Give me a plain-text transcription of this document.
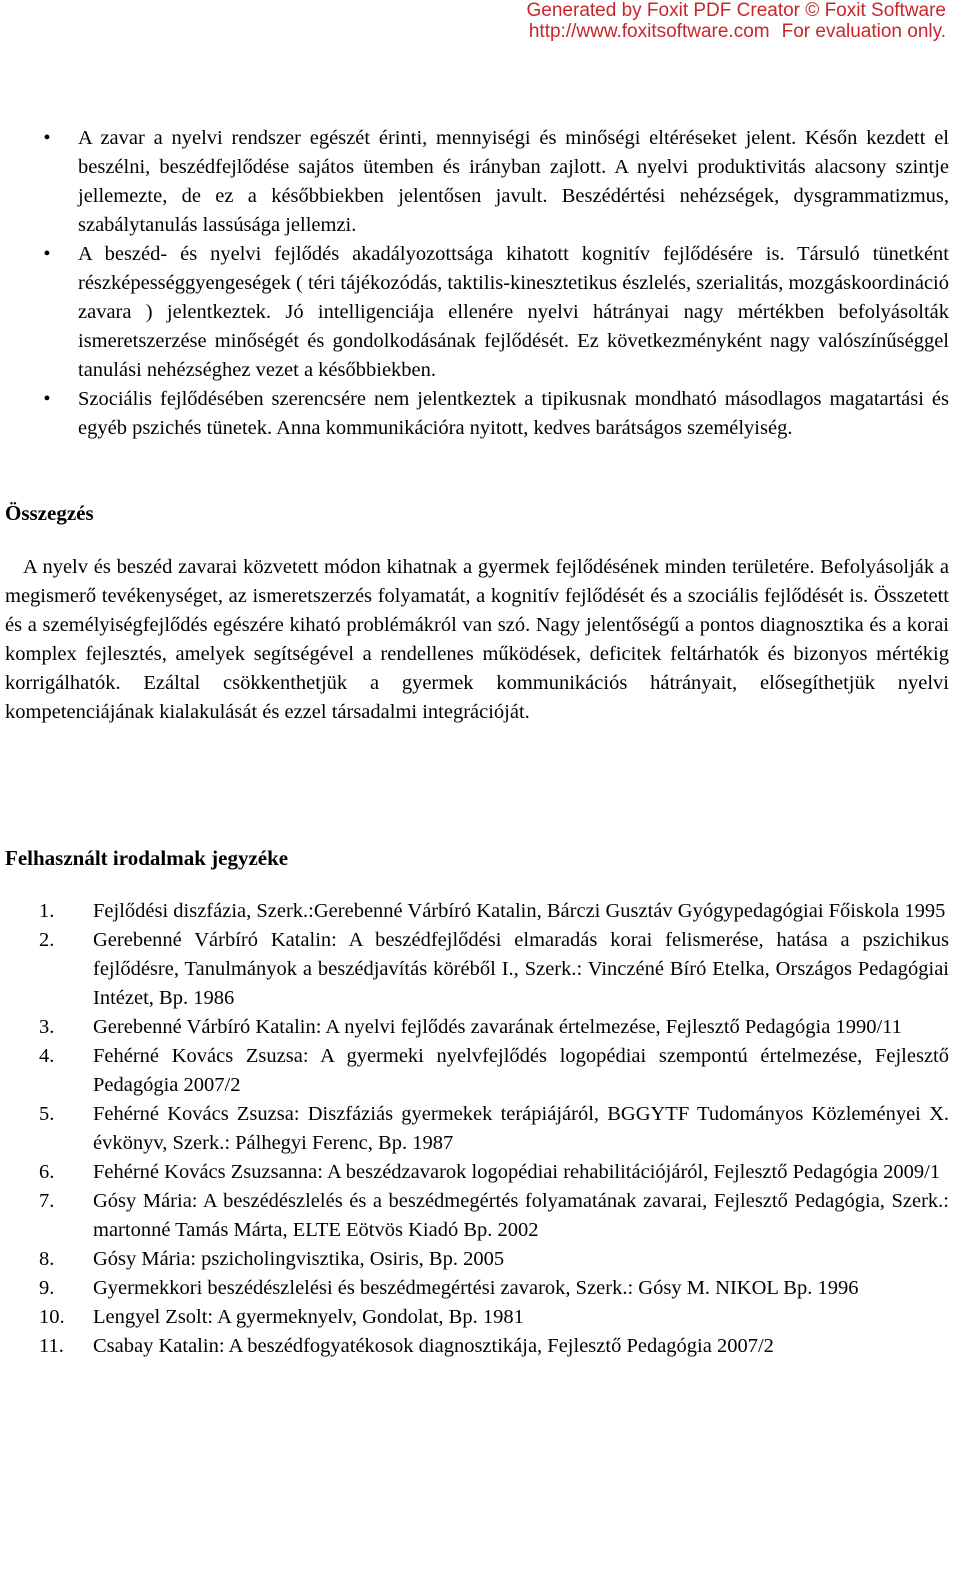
Generated by Foxit PDF Creator © Foxit Software
http://www.foxitsoftware.com For evaluation only.
• A zavar a nyelvi rendszer egészét érinti, mennyiségi és minőségi eltéréseket jelent. Későn kezdett el beszélni, beszédfejlődése sajátos ütemben és irányban zajlott. A nyelvi produktivitás alacsony szintje jellemezte, de ez a későbbiekben jelentősen javult. Beszédértési nehézségek, dysgrammatizmus, szabálytanulás lassúsága jellemzi.
• A beszéd- és nyelvi fejlődés akadályozottsága kihatott kognitív fejlődésére is. Társuló tünetként részképességgyengeségek ( téri tájékozódás, taktilis-kinesztetikus észlelés, szerialitás, mozgáskoordináció zavara ) jelentkeztek. Jó intelligenciája ellenére nyelvi hátrányai nagy mértékben befolyásolták ismeretszerzése minőségét és gondolkodásának fejlődését. Ez következményként nagy valószínűséggel tanulási nehézséghez vezet a későbbiekben.
• Szociális fejlődésében szerencsére nem jelentkeztek a tipikusnak mondható másodlagos magatartási és egyéb pszichés tünetek. Anna kommunikációra nyitott, kedves barátságos személyiség.
Összegzés

A nyelv és beszéd zavarai közvetett módon kihatnak a gyermek fejlődésének minden területére. Befolyásolják a megismerő tevékenységet, az ismeretszerzés folyamatát, a kognitív fejlődését és a szociális fejlődését is. Összetett és a személyiségfejlődés egészére kiható problémákról van szó. Nagy jelentőségű a pontos diagnosztika és a korai komplex fejlesztés, amelyek segítségével a rendellenes működések, deficitek feltárhatók és bizonyos mértékig korrigálhatók. Ezáltal csökkenthetjük a gyermek kommunikációs hátrányait, elősegíthetjük nyelvi kompetenciájának kialakulását és ezzel társadalmi integrációját.

Felhasznált irodalmak jegyzéke
1. Fejlődési diszfázia, Szerk.:Gerebenné Várbíró Katalin, Bárczi Gusztáv Gyógypedagógiai Főiskola 1995
2. Gerebenné Várbíró Katalin: A beszédfejlődési elmaradás korai felismerése, hatása a pszichikus fejlődésre, Tanulmányok a beszédjavítás köréből I., Szerk.: Vinczéné Bíró Etelka, Országos Pedagógiai Intézet, Bp. 1986
3. Gerebenné Várbíró Katalin: A nyelvi fejlődés zavarának értelmezése, Fejlesztő Pedagógia 1990/11
4. Fehérné Kovács Zsuzsa: A gyermeki nyelvfejlődés logopédiai szempontú értelmezése, Fejlesztő Pedagógia 2007/2
5. Fehérné Kovács Zsuzsa: Diszfáziás gyermekek terápiájáról, BGGYTF Tudományos Közleményei X. évkönyv, Szerk.: Pálhegyi Ferenc, Bp. 1987
6. Fehérné Kovács Zsuzsanna: A beszédzavarok logopédiai rehabilitációjáról, Fejlesztő Pedagógia 2009/1
7. Gósy Mária: A beszédészlelés és a beszédmegértés folyamatának zavarai, Fejlesztő Pedagógia, Szerk.: martonné Tamás Márta, ELTE Eötvös Kiadó Bp. 2002
8. Gósy Mária: pszicholingvisztika, Osiris, Bp. 2005
9. Gyermekkori beszédészlelési és beszédmegértési zavarok, Szerk.: Gósy M. NIKOL Bp. 1996
10. Lengyel Zsolt: A gyermeknyelv, Gondolat, Bp. 1981
11. Csabay Katalin: A beszédfogyatékosok diagnosztikája, Fejlesztő Pedagógia 2007/2
